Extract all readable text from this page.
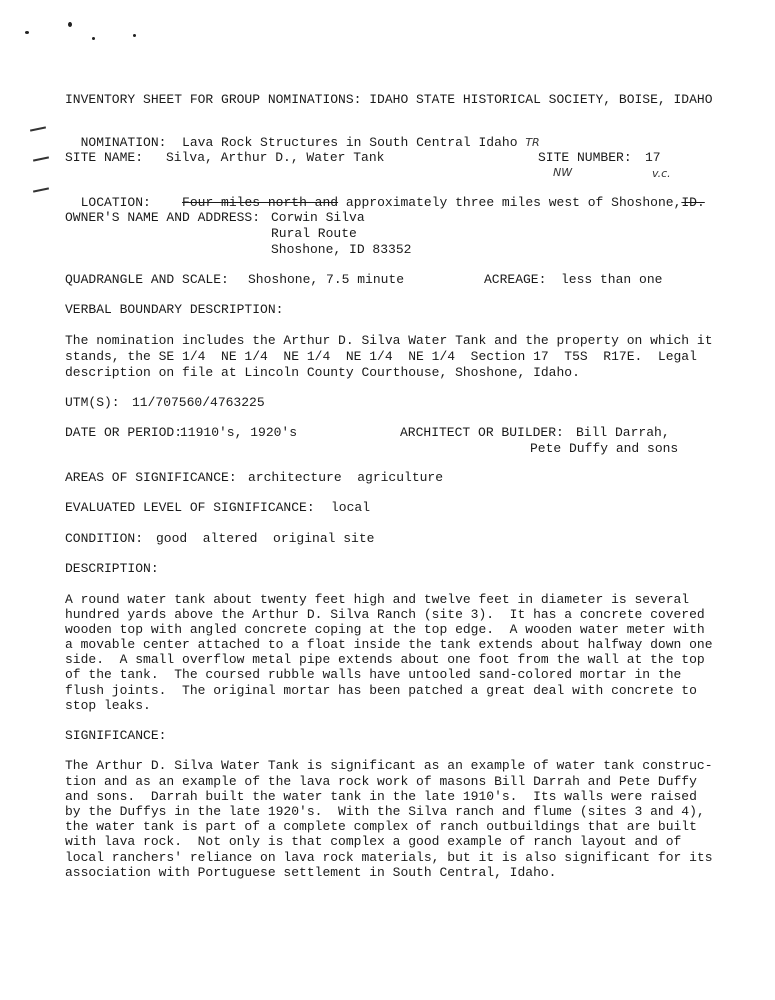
INVENTORY SHEET FOR GROUP NOMINATIONS: IDAHO STATE HISTORICAL SOCIETY, BOISE, IDAHO

NOMINATION: Lava Rock Structures in South Central Idaho TR

SITE NAME: Silva, Arthur D., Water Tank	SITE NUMBER: 17
NW	v.c.

LOCATION: Four miles north and approximately three miles west of Shoshone,ID.

OWNER'S NAME AND ADDRESS: Corwin Silva
Rural Route
Shoshone, ID 83352
QUADRANGLE AND SCALE: Shoshone, 7.5 minute	ACREAGE: less than one
VERBAL BOUNDARY DESCRIPTION:
The nomination includes the Arthur D. Silva Water Tank and the property on which it
stands, the SE 1/4  NE 1/4  NE 1/4  NE 1/4  NE 1/4  Section 17  T5S  R17E.  Legal
description on file at Lincoln County Courthouse, Shoshone, Idaho.
UTM(S): 11/707560/4763225
DATE OR PERIOD:
11910's, 1920's	ARCHITECT OR BUILDER: Bill Darrah,
Pete Duffy and sons
AREAS OF SIGNIFICANCE: architecture  agriculture
EVALUATED LEVEL OF SIGNIFICANCE: local
CONDITION: good  altered  original site
DESCRIPTION:
A round water tank about twenty feet high and twelve feet in diameter is several
hundred yards above the Arthur D. Silva Ranch (site 3).  It has a concrete covered
wooden top with angled concrete coping at the top edge.  A wooden water meter with
a movable center attached to a float inside the tank extends about halfway down one
side.  A small overflow metal pipe extends about one foot from the wall at the top
of the tank.  The coursed rubble walls have untooled sand-colored mortar in the
flush joints.  The original mortar has been patched a great deal with concrete to
stop leaks.
SIGNIFICANCE:
The Arthur D. Silva Water Tank is significant as an example of water tank construc-
tion and as an example of the lava rock work of masons Bill Darrah and Pete Duffy
and sons.  Darrah built the water tank in the late 1910's.  Its walls were raised
by the Duffys in the late 1920's.  With the Silva ranch and flume (sites 3 and 4),
the water tank is part of a complete complex of ranch outbuildings that are built
with lava rock.  Not only is that complex a good example of ranch layout and of
local ranchers' reliance on lava rock materials, but it is also significant for its
association with Portuguese settlement in South Central, Idaho.
